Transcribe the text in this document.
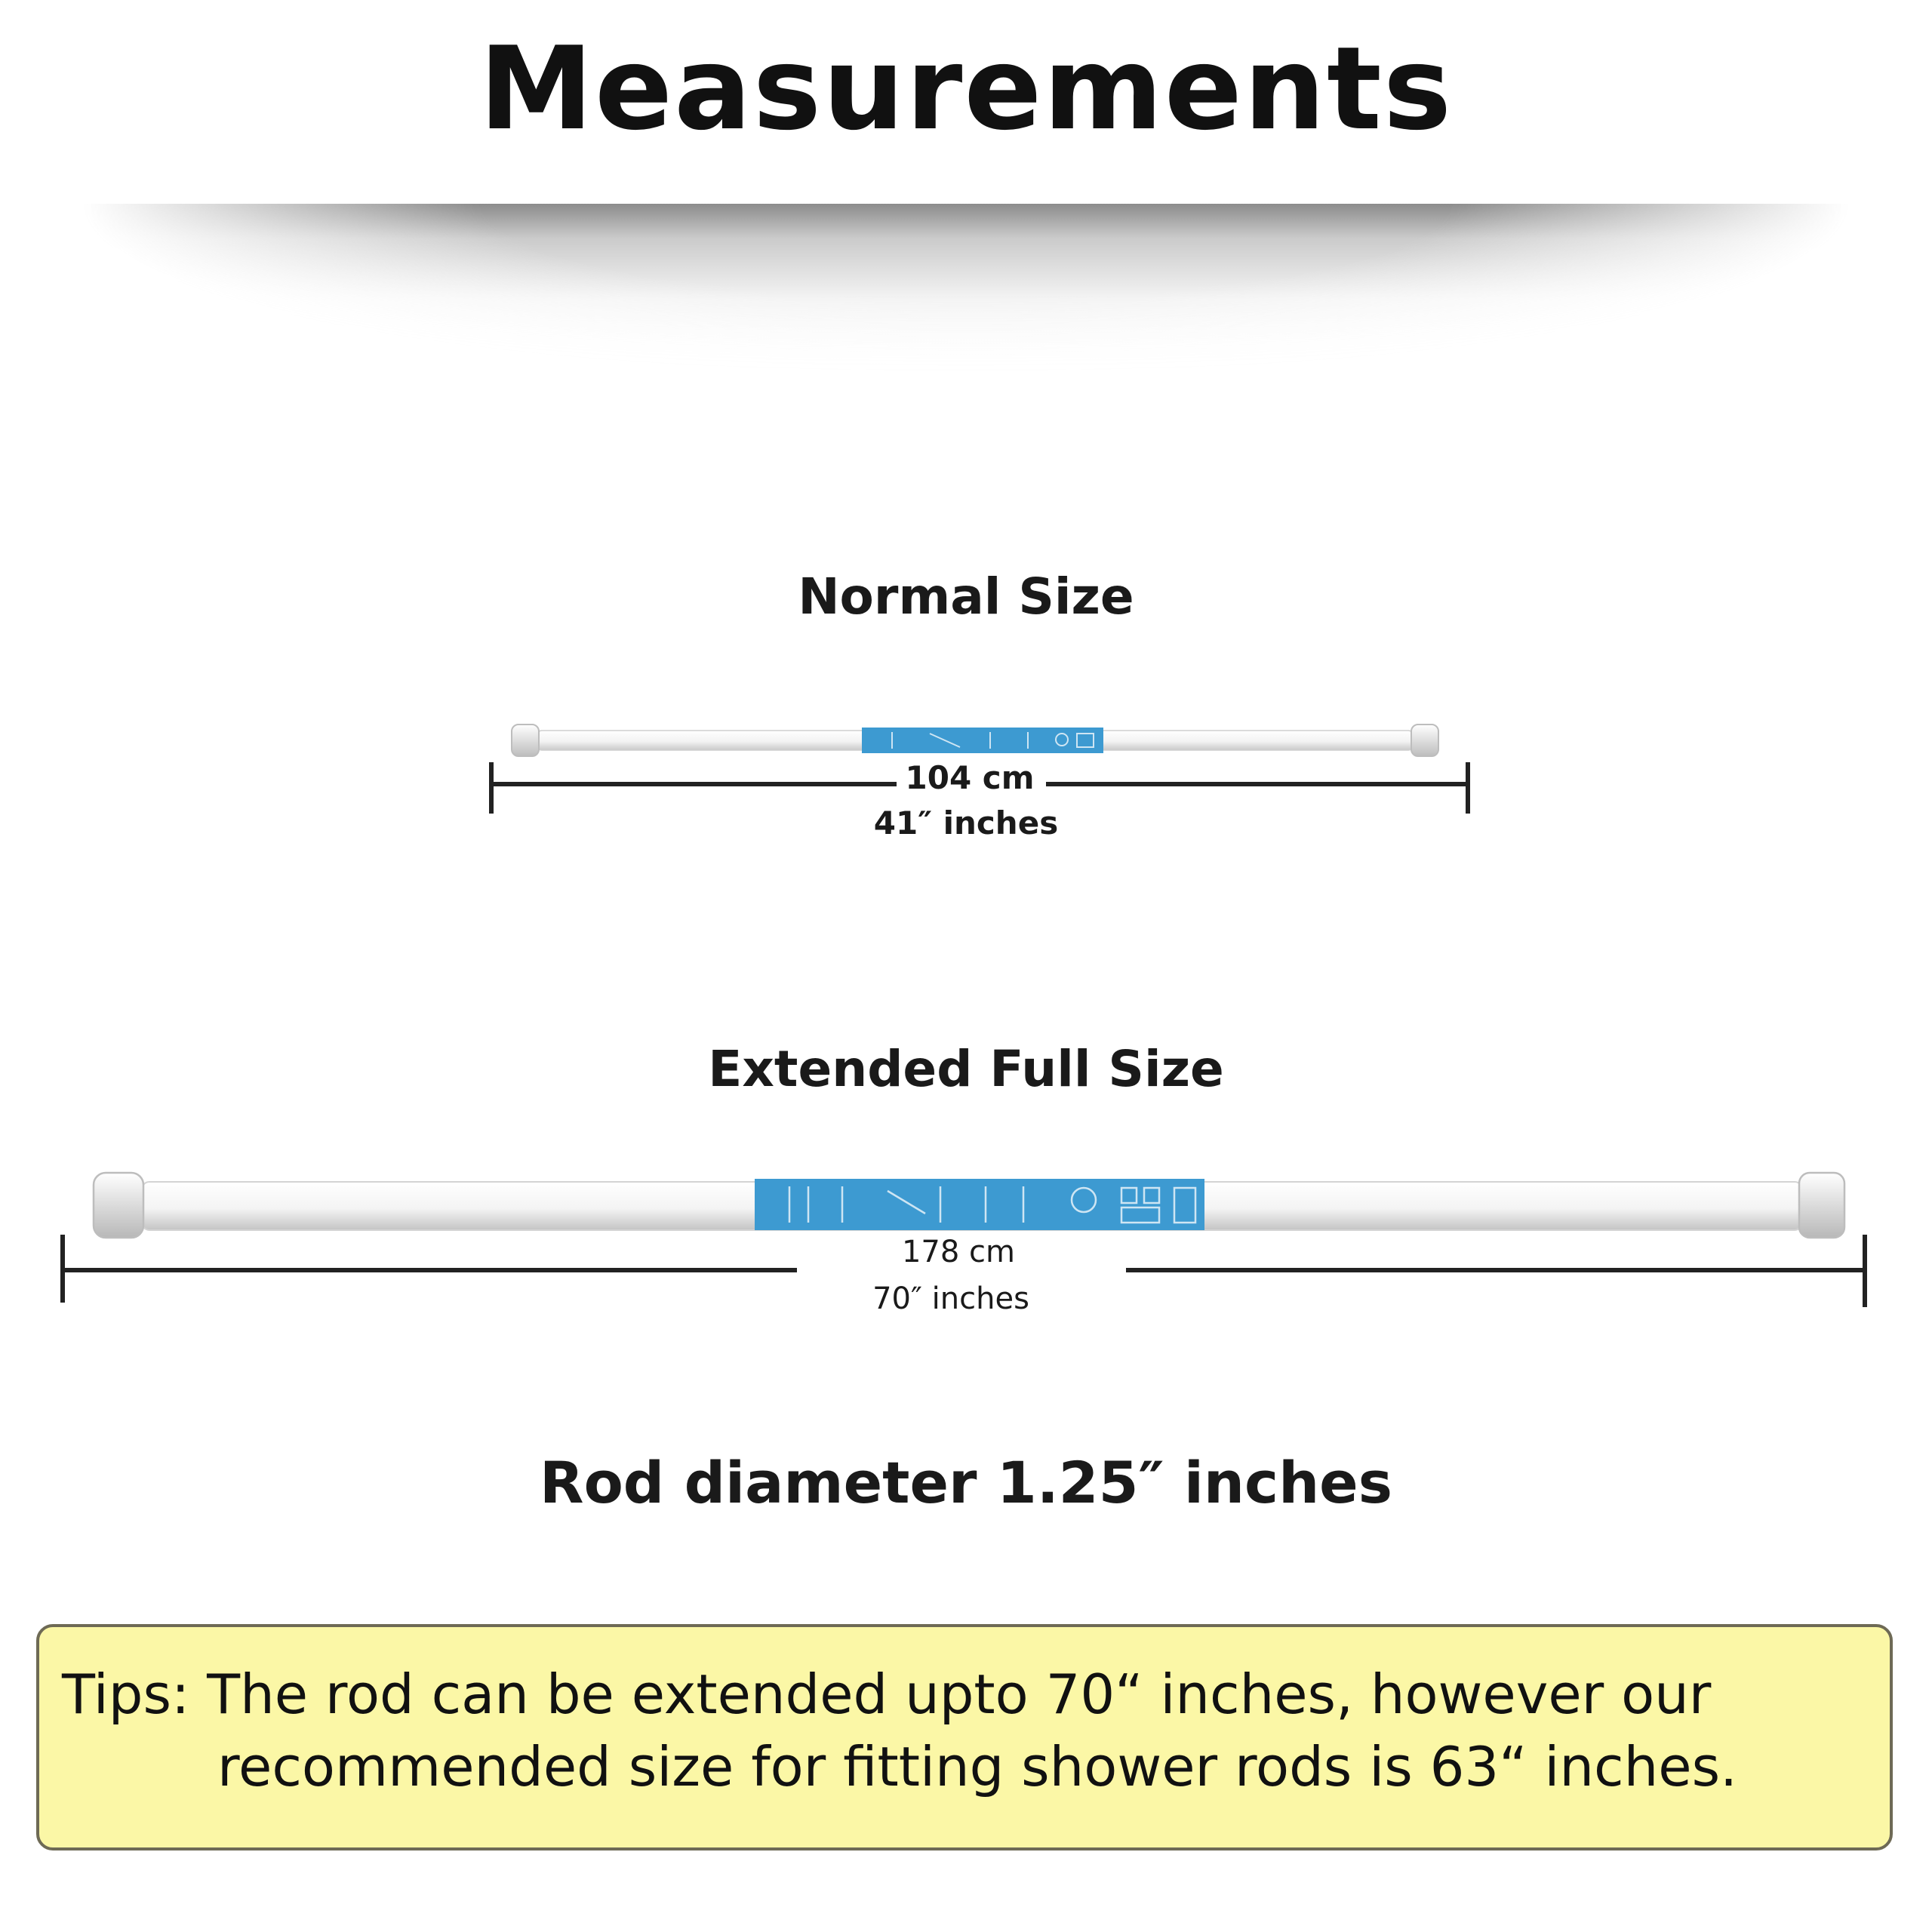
Measurements
Normal Size
104 cm
41″ inches
Extended Full Size
178 cm
70″ inches
Rod diameter 1.25″ inches
Tips: The rod can be extended upto 70“ inches, however our
recommended size for fitting shower rods is 63“ inches.
